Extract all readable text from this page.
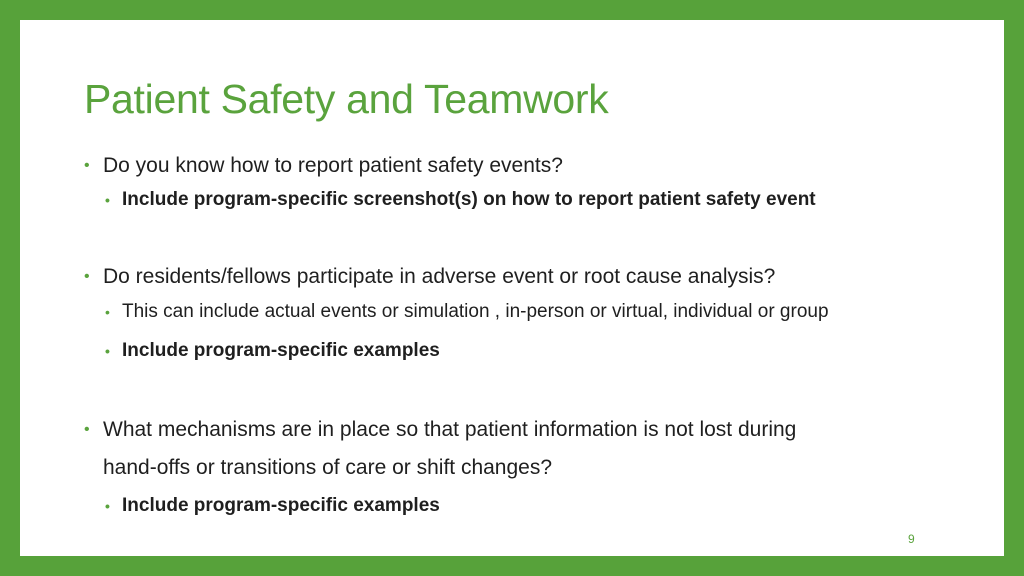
Patient Safety and Teamwork

• Do you know how to report patient safety events?

• Include program-specific screenshot(s) on how to report patient safety event

• Do residents/fellows participate in adverse event or root cause analysis?

• This can include actual events or simulation , in-person or virtual, individual or group

• Include program-specific examples

• What mechanisms are in place so that patient information is not lost during
hand-offs or transitions of care or shift changes?

• Include program-specific examples

9
